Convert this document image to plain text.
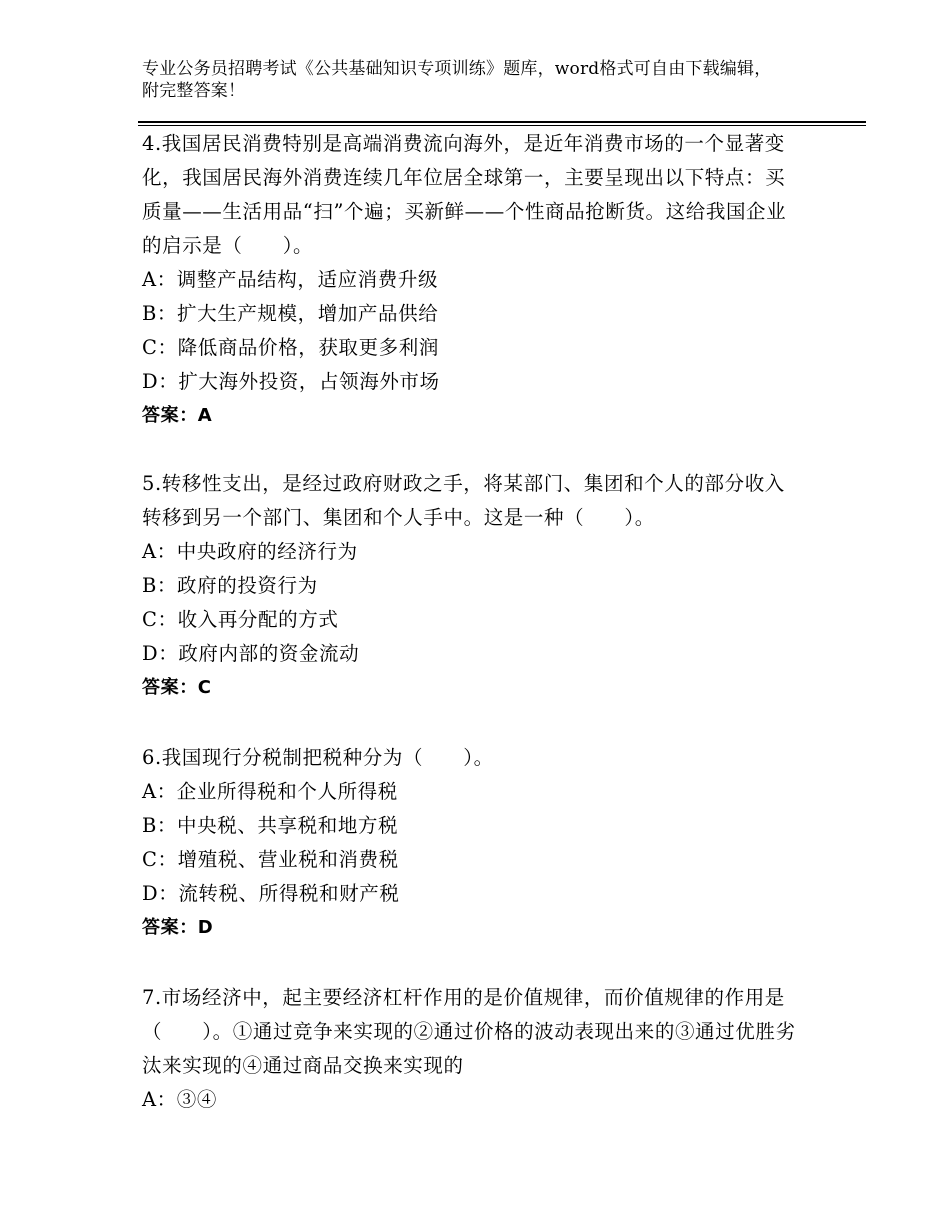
专业公务员招聘考试《公共基础知识专项训练》题库，word格式可自由下载编辑，附完整答案！
4.我国居民消费特别是高端消费流向海外，是近年消费市场的一个显著变化，我国居民海外消费连续几年位居全球第一，主要呈现出以下特点：买质量——生活用品“扫”个遍；买新鲜——个性商品抢断货。这给我国企业的启示是（　　）。
A：调整产品结构，适应消费升级
B：扩大生产规模，增加产品供给
C：降低商品价格，获取更多利润
D：扩大海外投资，占领海外市场
答案：A
5.转移性支出，是经过政府财政之手，将某部门、集团和个人的部分收入转移到另一个部门、集团和个人手中。这是一种（　　）。
A：中央政府的经济行为
B：政府的投资行为
C：收入再分配的方式
D：政府内部的资金流动
答案：C
6.我国现行分税制把税种分为（　　）。
A：企业所得税和个人所得税
B：中央税、共享税和地方税
C：增殖税、营业税和消费税
D：流转税、所得税和财产税
答案：D
7.市场经济中，起主要经济杠杆作用的是价值规律，而价值规律的作用是（　　）。①通过竞争来实现的②通过价格的波动表现出来的③通过优胜劣汰来实现的④通过商品交换来实现的
A：③④
